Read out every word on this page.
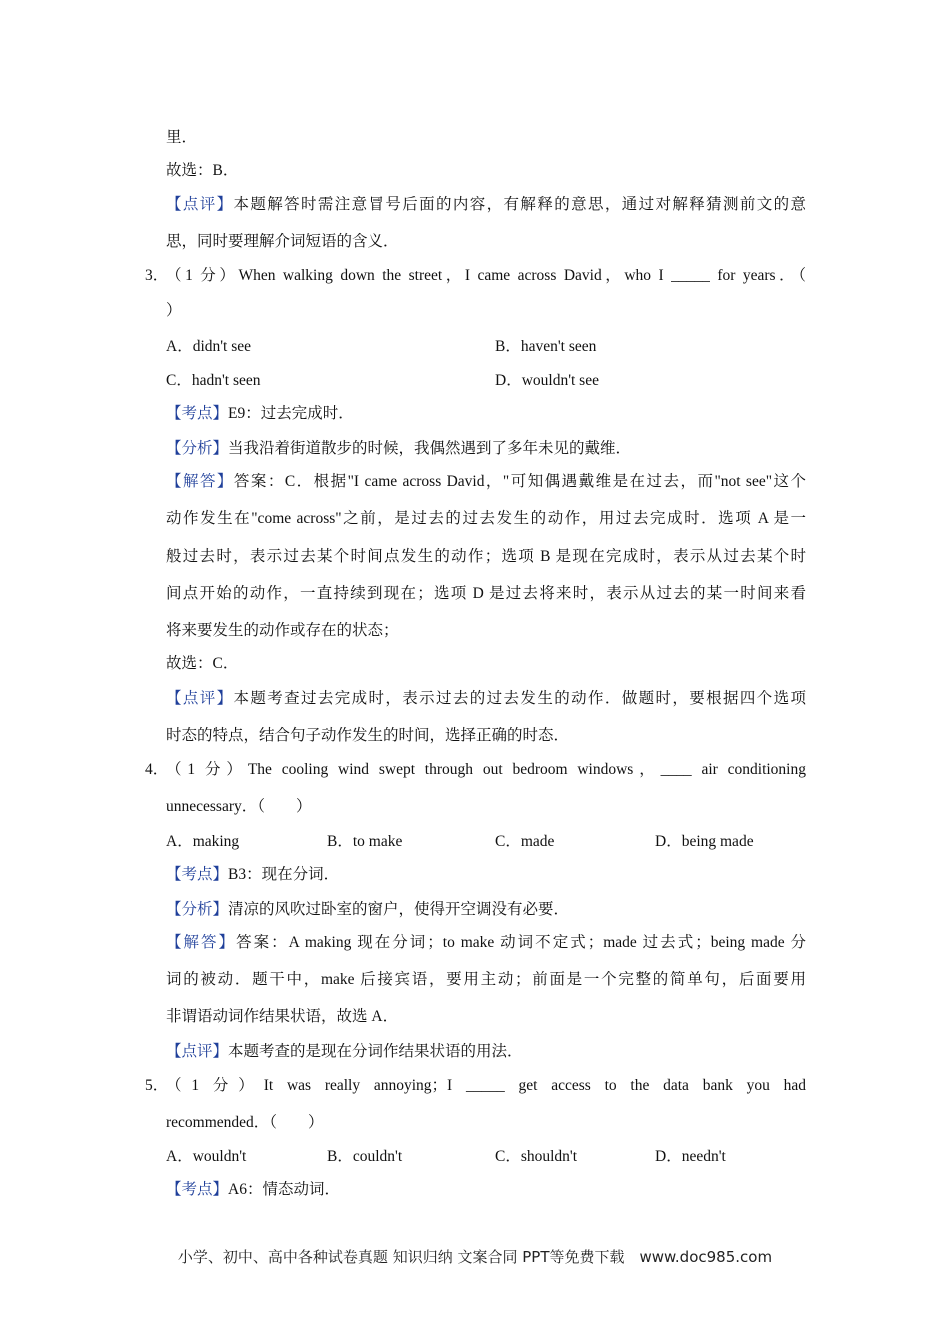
里．
故选：B．
【点评】本题解答时需注意冒号后面的内容，有解释的意思，通过对解释猜测前文的意
思，同时要理解介词短语的含义．
3．
（1 分）When walking down the street，I came across David，who I _____ for years．（
）
A．didn't see	B．haven't seen
C．hadn't seen	D．wouldn't see
【考点】E9：过去完成时．
【分析】当我沿着街道散步的时候，我偶然遇到了多年未见的戴维．
【解答】答案：C．根据"I came across David，"可知偶遇戴维是在过去，而"not see"这个
动作发生在"come across"之前，是过去的过去发生的动作，用过去完成时．选项 A 是一
般过去时，表示过去某个时间点发生的动作；选项 B 是现在完成时，表示从过去某个时
间点开始的动作，一直持续到现在；选项 D 是过去将来时，表示从过去的某一时间来看
将来要发生的动作或存在的状态；
故选：C．
【点评】本题考查过去完成时，表示过去的过去发生的动作．做题时，要根据四个选项
时态的特点，结合句子动作发生的时间，选择正确的时态．
4．
（1 分）The cooling wind swept through out bedroom windows，____ air conditioning
unnecessary．（　　）
A．making	B．to make	C．made	D．being made
【考点】B3：现在分词．
【分析】清凉的风吹过卧室的窗户，使得开空调没有必要．
【解答】答案：A making 现在分词；to make 动词不定式；made 过去式；being made 分
词的被动．题干中，make 后接宾语，要用主动；前面是一个完整的简单句，后面要用
非谓语动词作结果状语，故选 A．
【点评】本题考查的是现在分词作结果状语的用法．
5．
（1 分）It was really annoying；I _____ get access to the data bank you had
recommended．（　　）
A．wouldn't	B．couldn't	C．shouldn't	D．needn't
【考点】A6：情态动词．
小学、初中、高中各种试卷真题 知识归纳 文案合同 PPT等免费下载　www.doc985.com
